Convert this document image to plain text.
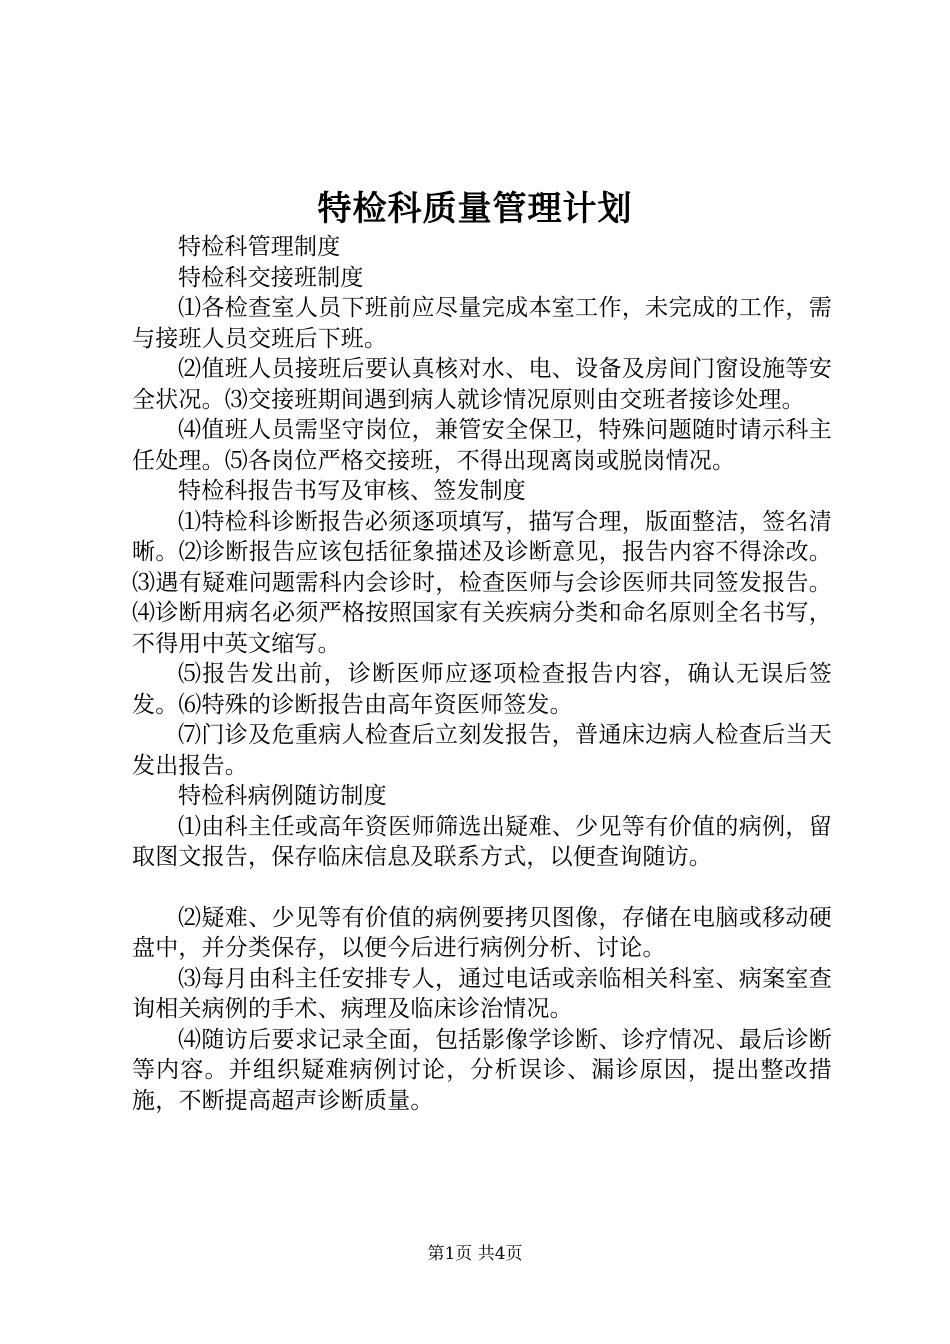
特检科质量管理计划

特检科管理制度

特检科交接班制度

⑴各检查室人员下班前应尽量完成本室工作，未完成的工作，需与接班人员交班后下班。

⑵值班人员接班后要认真核对水、电、设备及房间门窗设施等安全状况。⑶交接班期间遇到病人就诊情况原则由交班者接诊处理。

⑷值班人员需坚守岗位，兼管安全保卫，特殊问题随时请示科主任处理。⑸各岗位严格交接班，不得出现离岗或脱岗情况。

特检科报告书写及审核、签发制度

⑴特检科诊断报告必须逐项填写，描写合理，版面整洁，签名清晰。⑵诊断报告应该包括征象描述及诊断意见，报告内容不得涂改。⑶遇有疑难问题需科内会诊时，检查医师与会诊医师共同签发报告。⑷诊断用病名必须严格按照国家有关疾病分类和命名原则全名书写，不得用中英文缩写。

⑸报告发出前，诊断医师应逐项检查报告内容，确认无误后签发。⑹特殊的诊断报告由高年资医师签发。

⑺门诊及危重病人检查后立刻发报告，普通床边病人检查后当天发出报告。

特检科病例随访制度

⑴由科主任或高年资医师筛选出疑难、少见等有价值的病例，留取图文报告，保存临床信息及联系方式，以便查询随访。

⑵疑难、少见等有价值的病例要拷贝图像，存储在电脑或移动硬盘中，并分类保存，以便今后进行病例分析、讨论。

⑶每月由科主任安排专人，通过电话或亲临相关科室、病案室查询相关病例的手术、病理及临床诊治情况。

⑷随访后要求记录全面，包括影像学诊断、诊疗情况、最后诊断等内容。并组织疑难病例讨论，分析误诊、漏诊原因，提出整改措施，不断提高超声诊断质量。

第1页 共4页
